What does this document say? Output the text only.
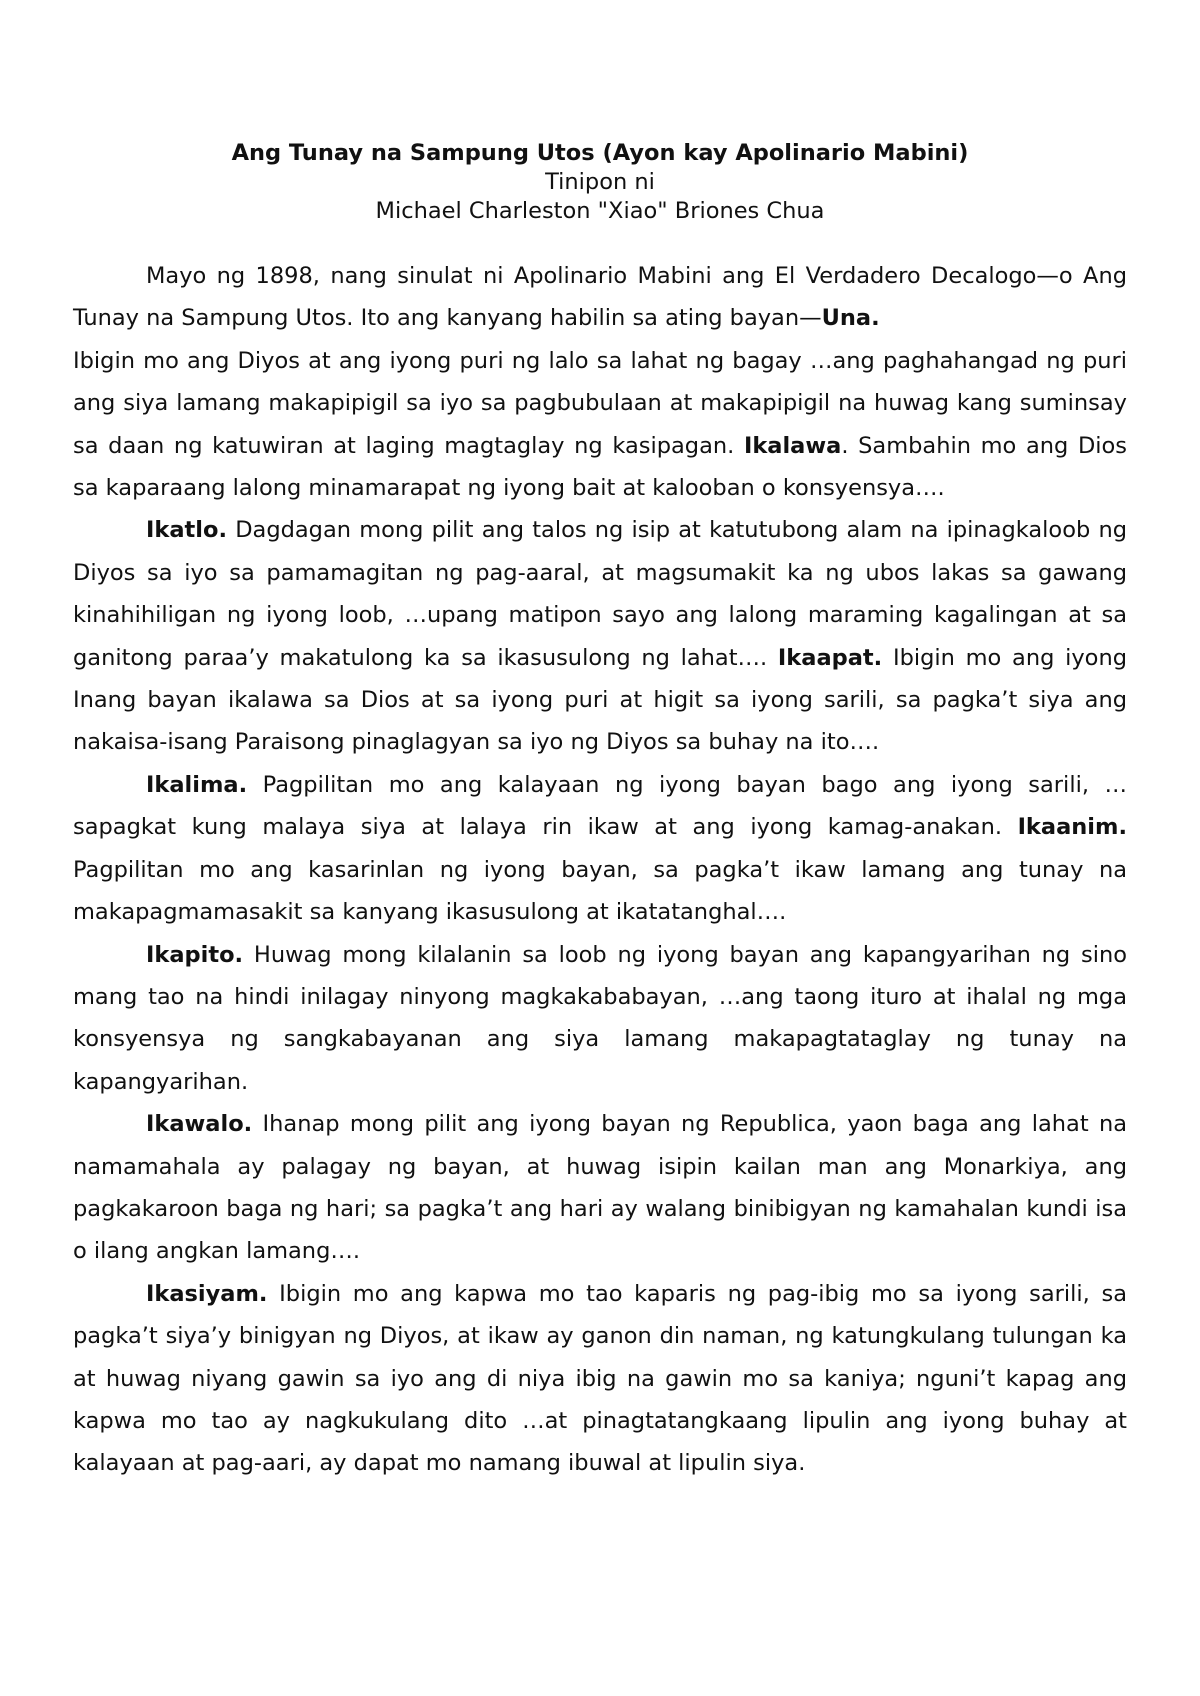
Ang Tunay na Sampung Utos (Ayon kay Apolinario Mabini)
Tinipon ni
Michael Charleston "Xiao" Briones Chua

Mayo ng 1898, nang sinulat ni Apolinario Mabini ang El Verdadero Decalogo—o Ang Tunay na Sampung Utos. Ito ang kanyang habilin sa ating bayan—Una.
Ibigin mo ang Diyos at ang iyong puri ng lalo sa lahat ng bagay …ang paghahangad ng puri ang siya lamang makapipigil sa iyo sa pagbubulaan at makapipigil na huwag kang suminsay sa daan ng katuwiran at laging magtaglay ng kasipagan. Ikalawa. Sambahin mo ang Dios sa kaparaang lalong minamarapat ng iyong bait at kalooban o konsyensya….

Ikatlo. Dagdagan mong pilit ang talos ng isip at katutubong alam na ipinagkaloob ng Diyos sa iyo sa pamamagitan ng pag-aaral, at magsumakit ka ng ubos lakas sa gawang kinahihiligan ng iyong loob, …upang matipon sayo ang lalong maraming kagalingan at sa ganitong paraa’y makatulong ka sa ikasusulong ng lahat…. Ikaapat. Ibigin mo ang iyong Inang bayan ikalawa sa Dios at sa iyong puri at higit sa iyong sarili, sa pagka’t siya ang nakaisa-isang Paraisong pinaglagyan sa iyo ng Diyos sa buhay na ito….

Ikalima. Pagpilitan mo ang kalayaan ng iyong bayan bago ang iyong sarili, … sapagkat kung malaya siya at lalaya rin ikaw at ang iyong kamag-anakan. Ikaanim. Pagpilitan mo ang kasarinlan ng iyong bayan, sa pagka’t ikaw lamang ang tunay na makapagmamasakit sa kanyang ikasusulong at ikatatanghal….

Ikapito. Huwag mong kilalanin sa loob ng iyong bayan ang kapangyarihan ng sino mang tao na hindi inilagay ninyong magkakababayan, …ang taong ituro at ihalal ng mga konsyensya ng sangkabayanan ang siya lamang makapagtataglay ng tunay na kapangyarihan.

Ikawalo. Ihanap mong pilit ang iyong bayan ng Republica, yaon baga ang lahat na namamahala ay palagay ng bayan, at huwag isipin kailan man ang Monarkiya, ang pagkakaroon baga ng hari; sa pagka’t ang hari ay walang binibigyan ng kamahalan kundi isa o ilang angkan lamang….

Ikasiyam. Ibigin mo ang kapwa mo tao kaparis ng pag-ibig mo sa iyong sarili, sa pagka’t siya’y binigyan ng Diyos, at ikaw ay ganon din naman, ng katungkulang tulungan ka at huwag niyang gawin sa iyo ang di niya ibig na gawin mo sa kaniya; nguni’t kapag ang kapwa mo tao ay nagkukulang dito …at pinagtatangkaang lipulin ang iyong buhay at kalayaan at pag-aari, ay dapat mo namang ibuwal at lipulin siya.
